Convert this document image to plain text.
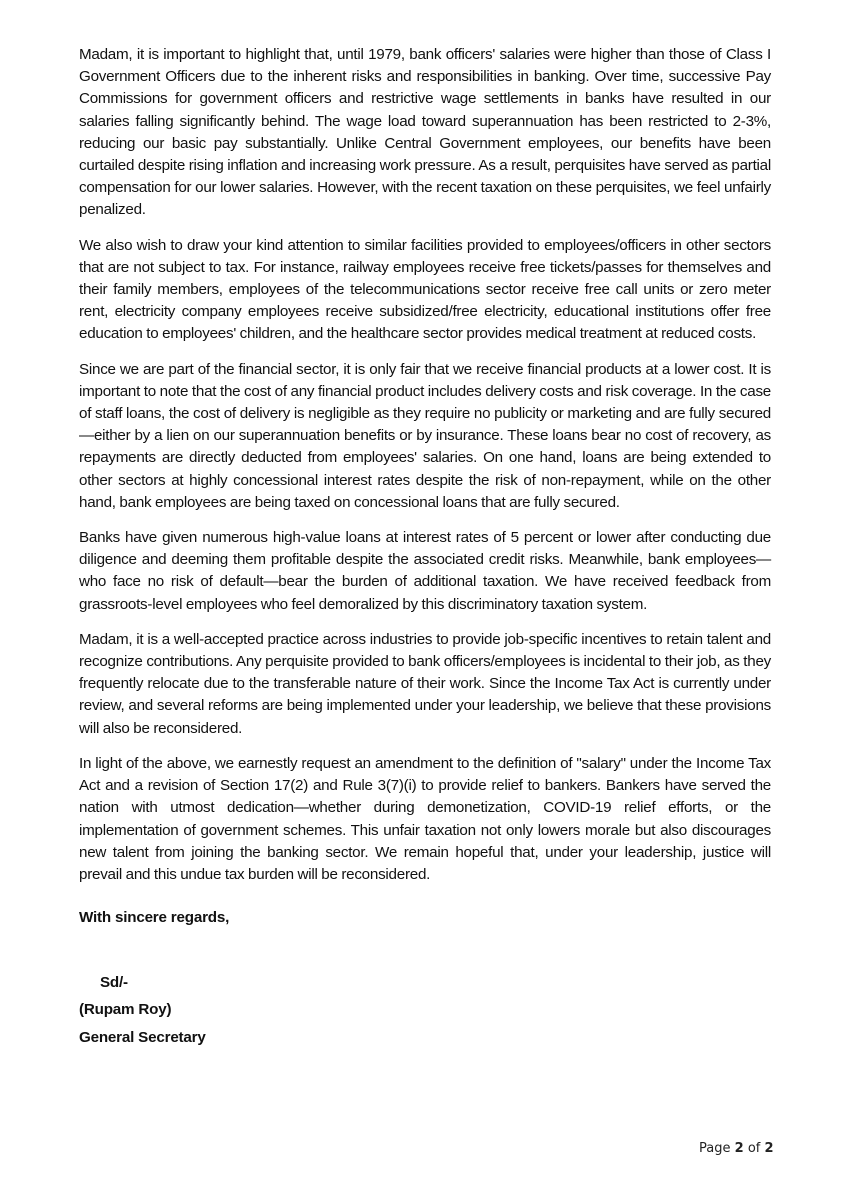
Madam, it is important to highlight that, until 1979, bank officers' salaries were higher than those of Class I Government Officers due to the inherent risks and responsibilities in banking. Over time, successive Pay Commissions for government officers and restrictive wage settlements in banks have resulted in our salaries falling significantly behind. The wage load toward superannuation has been restricted to 2-3%, reducing our basic pay substantially. Unlike Central Government employees, our benefits have been curtailed despite rising inflation and increasing work pressure. As a result, perquisites have served as partial compensation for our lower salaries. However, with the recent taxation on these perquisites, we feel unfairly penalized.

We also wish to draw your kind attention to similar facilities provided to employees/officers in other sectors that are not subject to tax. For instance, railway employees receive free tickets/passes for themselves and their family members, employees of the telecommunications sector receive free call units or zero meter rent, electricity company employees receive subsidized/free electricity, educational institutions offer free education to employees' children, and the healthcare sector provides medical treatment at reduced costs.

Since we are part of the financial sector, it is only fair that we receive financial products at a lower cost. It is important to note that the cost of any financial product includes delivery costs and risk coverage. In the case of staff loans, the cost of delivery is negligible as they require no publicity or marketing and are fully secured—either by a lien on our superannuation benefits or by insurance. These loans bear no cost of recovery, as repayments are directly deducted from employees' salaries. On one hand, loans are being extended to other sectors at highly concessional interest rates despite the risk of non-repayment, while on the other hand, bank employees are being taxed on concessional loans that are fully secured.

Banks have given numerous high-value loans at interest rates of 5 percent or lower after conducting due diligence and deeming them profitable despite the associated credit risks. Meanwhile, bank employees—who face no risk of default—bear the burden of additional taxation. We have received feedback from grassroots-level employees who feel demoralized by this discriminatory taxation system.

Madam, it is a well-accepted practice across industries to provide job-specific incentives to retain talent and recognize contributions. Any perquisite provided to bank officers/employees is incidental to their job, as they frequently relocate due to the transferable nature of their work. Since the Income Tax Act is currently under review, and several reforms are being implemented under your leadership, we believe that these provisions will also be reconsidered.

In light of the above, we earnestly request an amendment to the definition of "salary" under the Income Tax Act and a revision of Section 17(2) and Rule 3(7)(i) to provide relief to bankers. Bankers have served the nation with utmost dedication—whether during demonetization, COVID-19 relief efforts, or the implementation of government schemes. This unfair taxation not only lowers morale but also discourages new talent from joining the banking sector. We remain hopeful that, under your leadership, justice will prevail and this undue tax burden will be reconsidered.

With sincere regards,
Sd/-
(Rupam Roy)
General Secretary
Page 2 of 2
